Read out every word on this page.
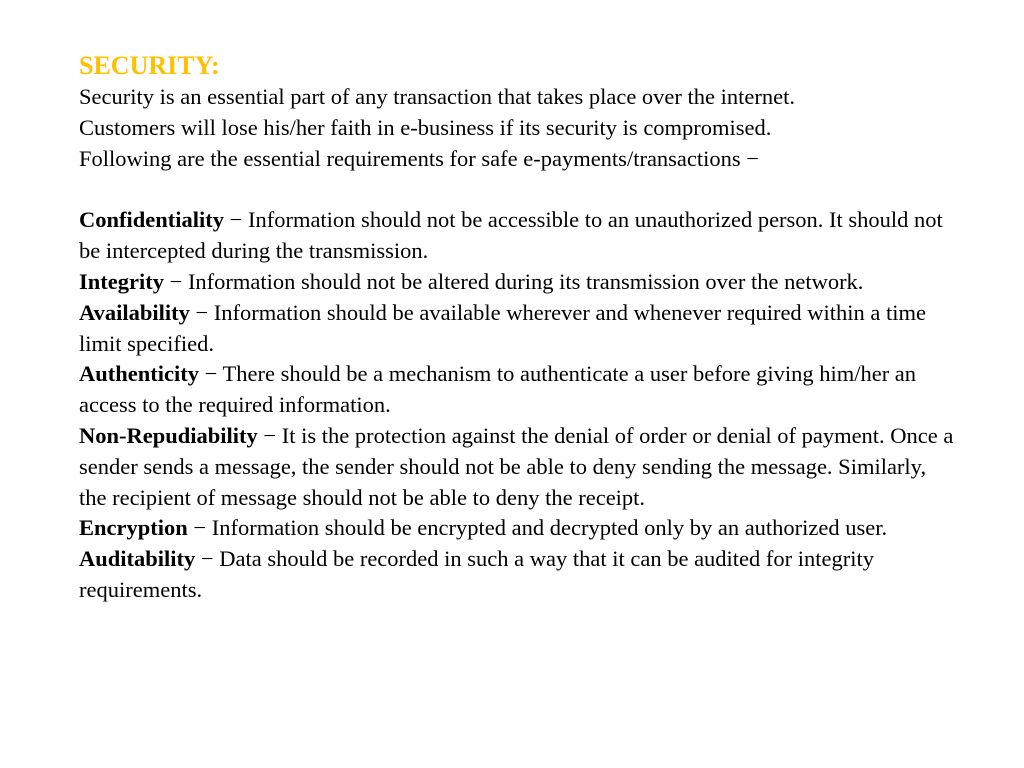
SECURITY:

Security is an essential part of any transaction that takes place over the internet.

Customers will lose his/her faith in e-business if its security is compromised.

Following are the essential requirements for safe e-payments/transactions −

Confidentiality − Information should not be accessible to an unauthorized person. It should not be intercepted during the transmission.

Integrity − Information should not be altered during its transmission over the network.

Availability − Information should be available wherever and whenever required within a time limit specified.

Authenticity − There should be a mechanism to authenticate a user before giving him/her an access to the required information.

Non-Repudiability − It is the protection against the denial of order or denial of payment. Once a sender sends a message, the sender should not be able to deny sending the message. Similarly, the recipient of message should not be able to deny the receipt.

Encryption − Information should be encrypted and decrypted only by an authorized user.

Auditability − Data should be recorded in such a way that it can be audited for integrity requirements.
